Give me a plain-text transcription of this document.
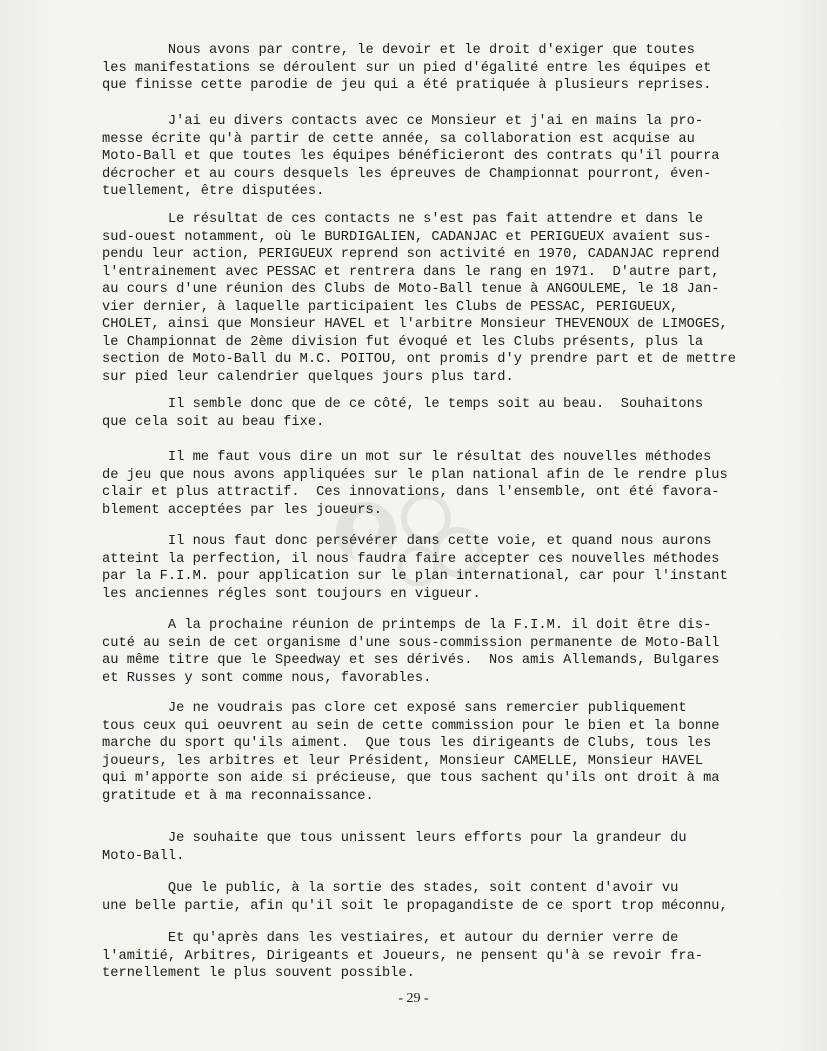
Nous avons par contre, le devoir et le droit d'exiger que toutes
les manifestations se déroulent sur un pied d'égalité entre les équipes et
que finisse cette parodie de jeu qui a été pratiquée à plusieurs reprises.
J'ai eu divers contacts avec ce Monsieur et j'ai en mains la pro-
messe écrite qu'à partir de cette année, sa collaboration est acquise au
Moto-Ball et que toutes les équipes bénéficieront des contrats qu'il pourra
décrocher et au cours desquels les épreuves de Championnat pourront, éven-
tuellement, être disputées.
Le résultat de ces contacts ne s'est pas fait attendre et dans le
sud-ouest notamment, où le BURDIGALIEN, CADANJAC et PERIGUEUX avaient sus-
pendu leur action, PERIGUEUX reprend son activité en 1970, CADANJAC reprend
l'entrainement avec PESSAC et rentrera dans le rang en 1971.  D'autre part,
au cours d'une réunion des Clubs de Moto-Ball tenue à ANGOULEME, le 18 Jan-
vier dernier, à laquelle participaient les Clubs de PESSAC, PERIGUEUX,
CHOLET, ainsi que Monsieur HAVEL et l'arbitre Monsieur THEVENOUX de LIMOGES,
le Championnat de 2ème division fut évoqué et les Clubs présents, plus la
section de Moto-Ball du M.C. POITOU, ont promis d'y prendre part et de mettre
sur pied leur calendrier quelques jours plus tard.
Il semble donc que de ce côté, le temps soit au beau.  Souhaitons
que cela soit au beau fixe.
Il me faut vous dire un mot sur le résultat des nouvelles méthodes
de jeu que nous avons appliquées sur le plan national afin de le rendre plus
clair et plus attractif.  Ces innovations, dans l'ensemble, ont été favora-
blement acceptées par les joueurs.
Il nous faut donc persévérer dans cette voie, et quand nous aurons
atteint la perfection, il nous faudra faire accepter ces nouvelles méthodes
par la F.I.M. pour application sur le plan international, car pour l'instant
les anciennes régles sont toujours en vigueur.
A la prochaine réunion de printemps de la F.I.M. il doit être dis-
cuté au sein de cet organisme d'une sous-commission permanente de Moto-Ball
au même titre que le Speedway et ses dérivés.  Nos amis Allemands, Bulgares
et Russes y sont comme nous, favorables.
Je ne voudrais pas clore cet exposé sans remercier publiquement
tous ceux qui oeuvrent au sein de cette commission pour le bien et la bonne
marche du sport qu'ils aiment.  Que tous les dirigeants de Clubs, tous les
joueurs, les arbitres et leur Président, Monsieur CAMELLE, Monsieur HAVEL
qui m'apporte son aide si précieuse, que tous sachent qu'ils ont droit à ma
gratitude et à ma reconnaissance.
Je souhaite que tous unissent leurs efforts pour la grandeur du
Moto-Ball.
Que le public, à la sortie des stades, soit content d'avoir vu
une belle partie, afin qu'il soit le propagandiste de ce sport trop méconnu,
Et qu'après dans les vestiaires, et autour du dernier verre de
l'amitié, Arbitres, Dirigeants et Joueurs, ne pensent qu'à se revoir fra-
ternellement le plus souvent possible.
- 29 -
